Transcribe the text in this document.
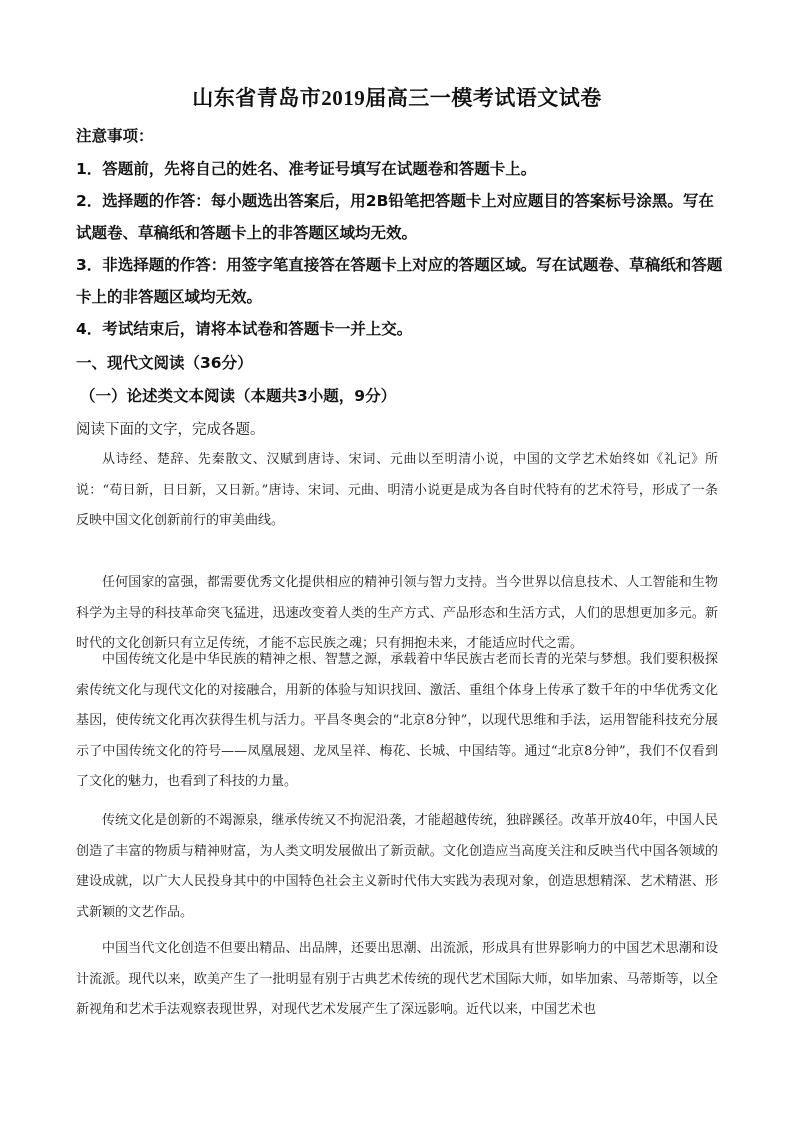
山东省青岛市2019届高三一模考试语文试卷
注意事项：
1．答题前，先将自己的姓名、准考证号填写在试题卷和答题卡上。
2．选择题的作答：每小题选出答案后，用2B铅笔把答题卡上对应题目的答案标号涂黑。写在试题卷、草稿纸和答题卡上的非答题区域均无效。
3．非选择题的作答：用签字笔直接答在答题卡上对应的答题区域。写在试题卷、草稿纸和答题卡上的非答题区域均无效。
4．考试结束后，请将本试卷和答题卡一并上交。
一、现代文阅读（36分）
（一）论述类文本阅读（本题共3小题，9分）
阅读下面的文字，完成各题。
从诗经、楚辞、先秦散文、汉赋到唐诗、宋词、元曲以至明清小说，中国的文学艺术始终如《礼记》所说：“苟日新，日日新，又日新。”唐诗、宋词、元曲、明清小说更是成为各自时代特有的艺术符号，形成了一条反映中国文化创新前行的审美曲线。
任何国家的富强，都需要优秀文化提供相应的精神引领与智力支持。当今世界以信息技术、人工智能和生物科学为主导的科技革命突飞猛进，迅速改变着人类的生产方式、产品形态和生活方式，人们的思想更加多元。新时代的文化创新只有立足传统，才能不忘民族之魂；只有拥抱未来，才能适应时代之需。
中国传统文化是中华民族的精神之根、智慧之源，承载着中华民族古老而长青的光荣与梦想。我们要积极探索传统文化与现代文化的对接融合，用新的体验与知识找回、激活、重组个体身上传承了数千年的中华优秀文化基因，使传统文化再次获得生机与活力。平昌冬奥会的“北京8分钟”，以现代思维和手法，运用智能科技充分展示了中国传统文化的符号——凤凰展翅、龙凤呈祥、梅花、长城、中国结等。通过“北京8分钟”，我们不仅看到了文化的魅力，也看到了科技的力量。
传统文化是创新的不竭源泉，继承传统又不拘泥沿袭，才能超越传统，独辟蹊径。改革开放40年，中国人民创造了丰富的物质与精神财富，为人类文明发展做出了新贡献。文化创造应当高度关注和反映当代中国各领域的建设成就，以广大人民投身其中的中国特色社会主义新时代伟大实践为表现对象，创造思想精深、艺术精湛、形式新颖的文艺作品。
中国当代文化创造不但要出精品、出品牌，还要出思潮、出流派，形成具有世界影响力的中国艺术思潮和设计流派。现代以来，欧美产生了一批明显有别于古典艺术传统的现代艺术国际大师，如毕加索、马蒂斯等，以全新视角和艺术手法观察表现世界，对现代艺术发展产生了深远影响。近代以来，中国艺术也
